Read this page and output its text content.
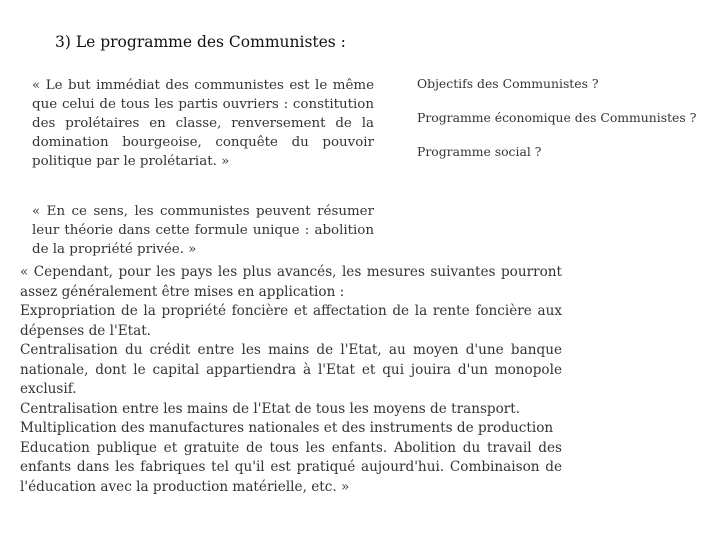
3) Le programme des Communistes :
« Le but immédiat des communistes est le même que celui de tous les partis ouvriers : constitution des prolétaires en classe, renversement de la domination bourgeoise, conquête du pouvoir politique par le prolétariat. »
Objectifs des Communistes ?
Programme économique des Communistes ?
Programme social ?
« En ce sens, les communistes peuvent résumer leur théorie dans cette formule unique : abolition de la propriété privée. »
« Cependant, pour les pays les plus avancés, les mesures suivantes pourront assez généralement être mises en application :
Expropriation de la propriété foncière et affectation de la rente foncière aux dépenses de l'Etat.
Centralisation du crédit entre les mains de l'Etat, au moyen d'une banque nationale, dont le capital appartiendra à l'Etat et qui jouira d'un monopole exclusif.
Centralisation entre les mains de l'Etat de tous les moyens de transport.
Multiplication des manufactures nationales et des instruments de production
Education publique et gratuite de tous les enfants. Abolition du travail des enfants dans les fabriques tel qu'il est pratiqué aujourd'hui. Combinaison de l'éducation avec la production matérielle, etc. »
